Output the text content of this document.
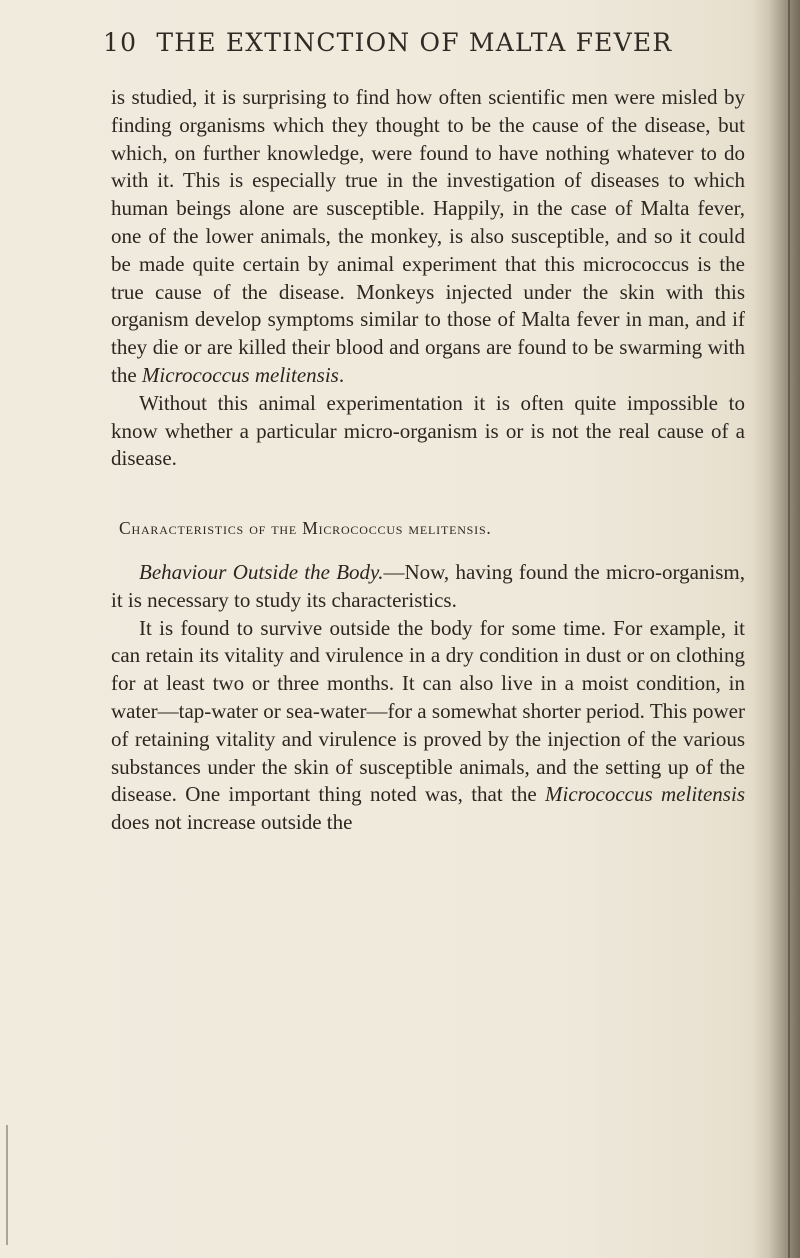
10 THE EXTINCTION OF MALTA FEVER

is studied, it is surprising to find how often scientific men were misled by finding organisms which they thought to be the cause of the disease, but which, on further knowledge, were found to have nothing whatever to do with it. This is especially true in the investigation of diseases to which human beings alone are susceptible. Happily, in the case of Malta fever, one of the lower animals, the monkey, is also susceptible, and so it could be made quite certain by animal experiment that this micrococcus is the true cause of the disease. Monkeys injected under the skin with this organism develop symptoms similar to those of Malta fever in man, and if they die or are killed their blood and organs are found to be swarming with the Micrococcus melitensis.

Without this animal experimentation it is often quite impossible to know whether a particular micro-organism is or is not the real cause of a disease.

Characteristics of the Micrococcus melitensis.

Behaviour Outside the Body.—Now, having found the micro-organism, it is necessary to study its characteristics.

It is found to survive outside the body for some time. For example, it can retain its vitality and virulence in a dry condition in dust or on clothing for at least two or three months. It can also live in a moist condition, in water—tap-water or sea-water—for a somewhat shorter period. This power of retaining vitality and virulence is proved by the injection of the various substances under the skin of susceptible animals, and the setting up of the disease. One important thing noted was, that the Micrococcus melitensis does not increase outside the
